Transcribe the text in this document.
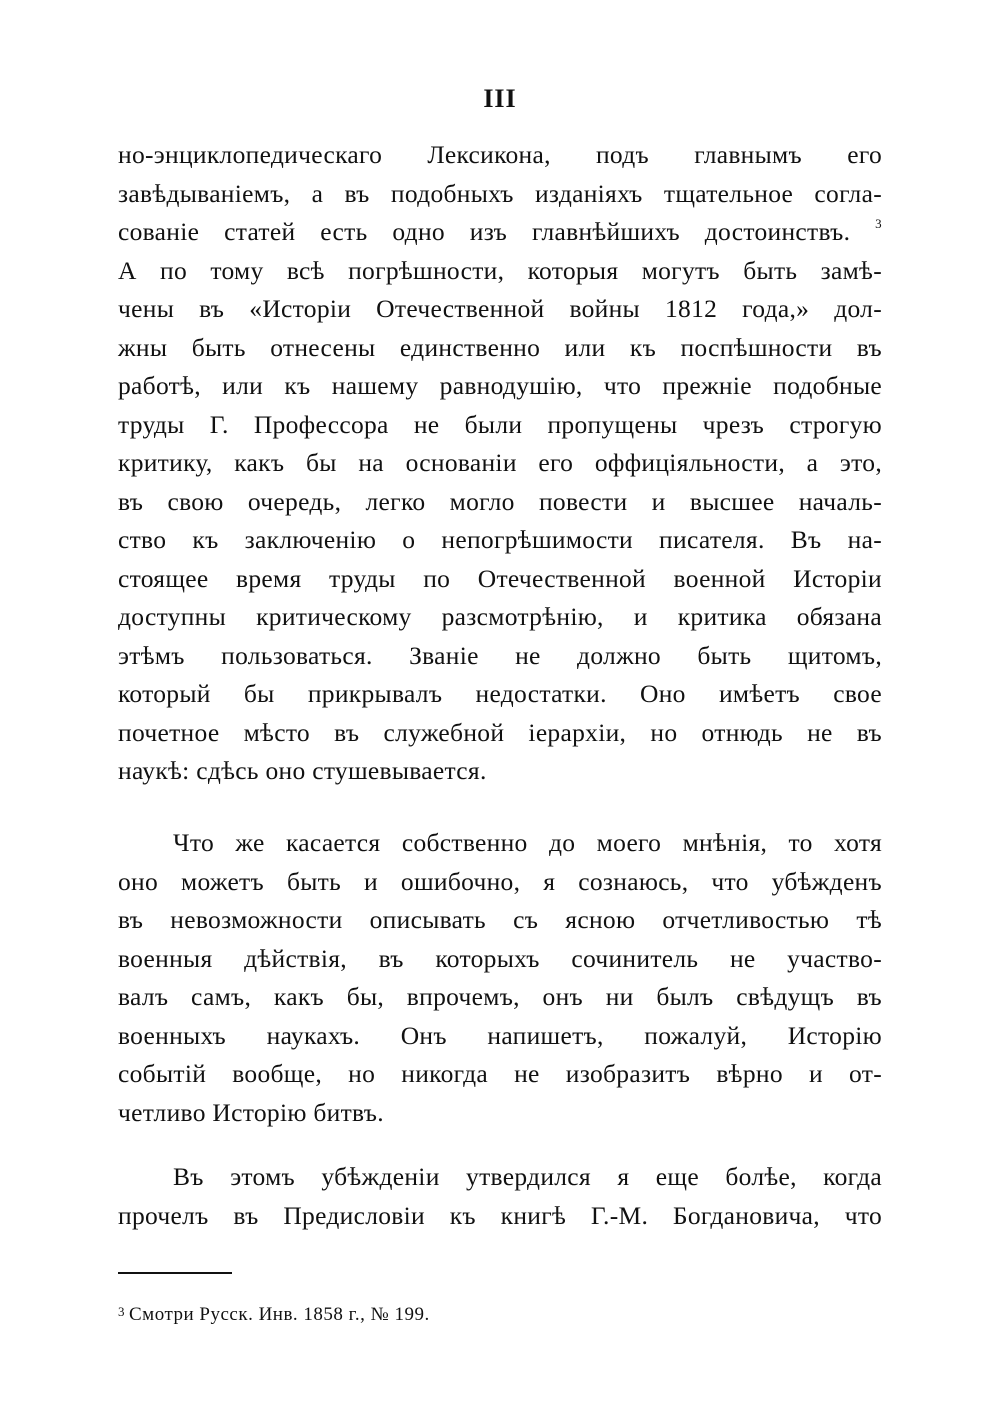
III
но-энциклопедическаго Лексикона, подъ главнымъ его
завѣдываніемъ, а въ подобныхъ изданіяхъ тщательное согла-
сованіе статей есть одно изъ главнѣйшихъ достоинствъ. $^3$
А по тому всѣ погрѣшности, которыя могутъ быть замѣ-
чены въ «Исторіи Отечественной войны 1812 года,» дол-
жны быть отнесены единственно или къ поспѣшности въ
работѣ, или къ нашему равнодушію, что прежніе подобные
труды Г. Профессора не были пропущены чрезъ строгую
критику, какъ бы на основаніи его оффиціяльности, а это,
въ свою очередь, легко могло повести и высшее началь-
ство къ заключенію о непогрѣшимости писателя. Въ на-
стоящее время труды по Отечественной военной Исторіи
доступны критическому разсмотрѣнію, и критика обязана
этѣмъ пользоваться. Званіе не должно быть щитомъ,
который бы прикрывалъ недостатки. Оно имѣетъ свое
почетное мѣсто въ служебной іерархіи, но отнюдь не въ
наукѣ: сдѣсь оно стушевывается.
Что же касается собственно до моего мнѣнія, то хотя
оно можетъ быть и ошибочно, я сознаюсь, что убѣжденъ
въ невозможности описывать съ ясною отчетливостью тѣ
военныя дѣйствія, въ которыхъ сочинитель не участво-
валъ самъ, какъ бы, впрочемъ, онъ ни былъ свѣдущъ въ
военныхъ наукахъ. Онъ напишетъ, пожалуй, Исторію
событій вообще, но никогда не изобразитъ вѣрно и от-
четливо Исторію битвъ.
Въ этомъ убѣжденіи утвердился я еще болѣе, когда
прочелъ въ Предисловіи къ книгѣ Г.-М. Богдановича, что
$^3$ Смотри Русск. Инв. 1858 г., № 199.
